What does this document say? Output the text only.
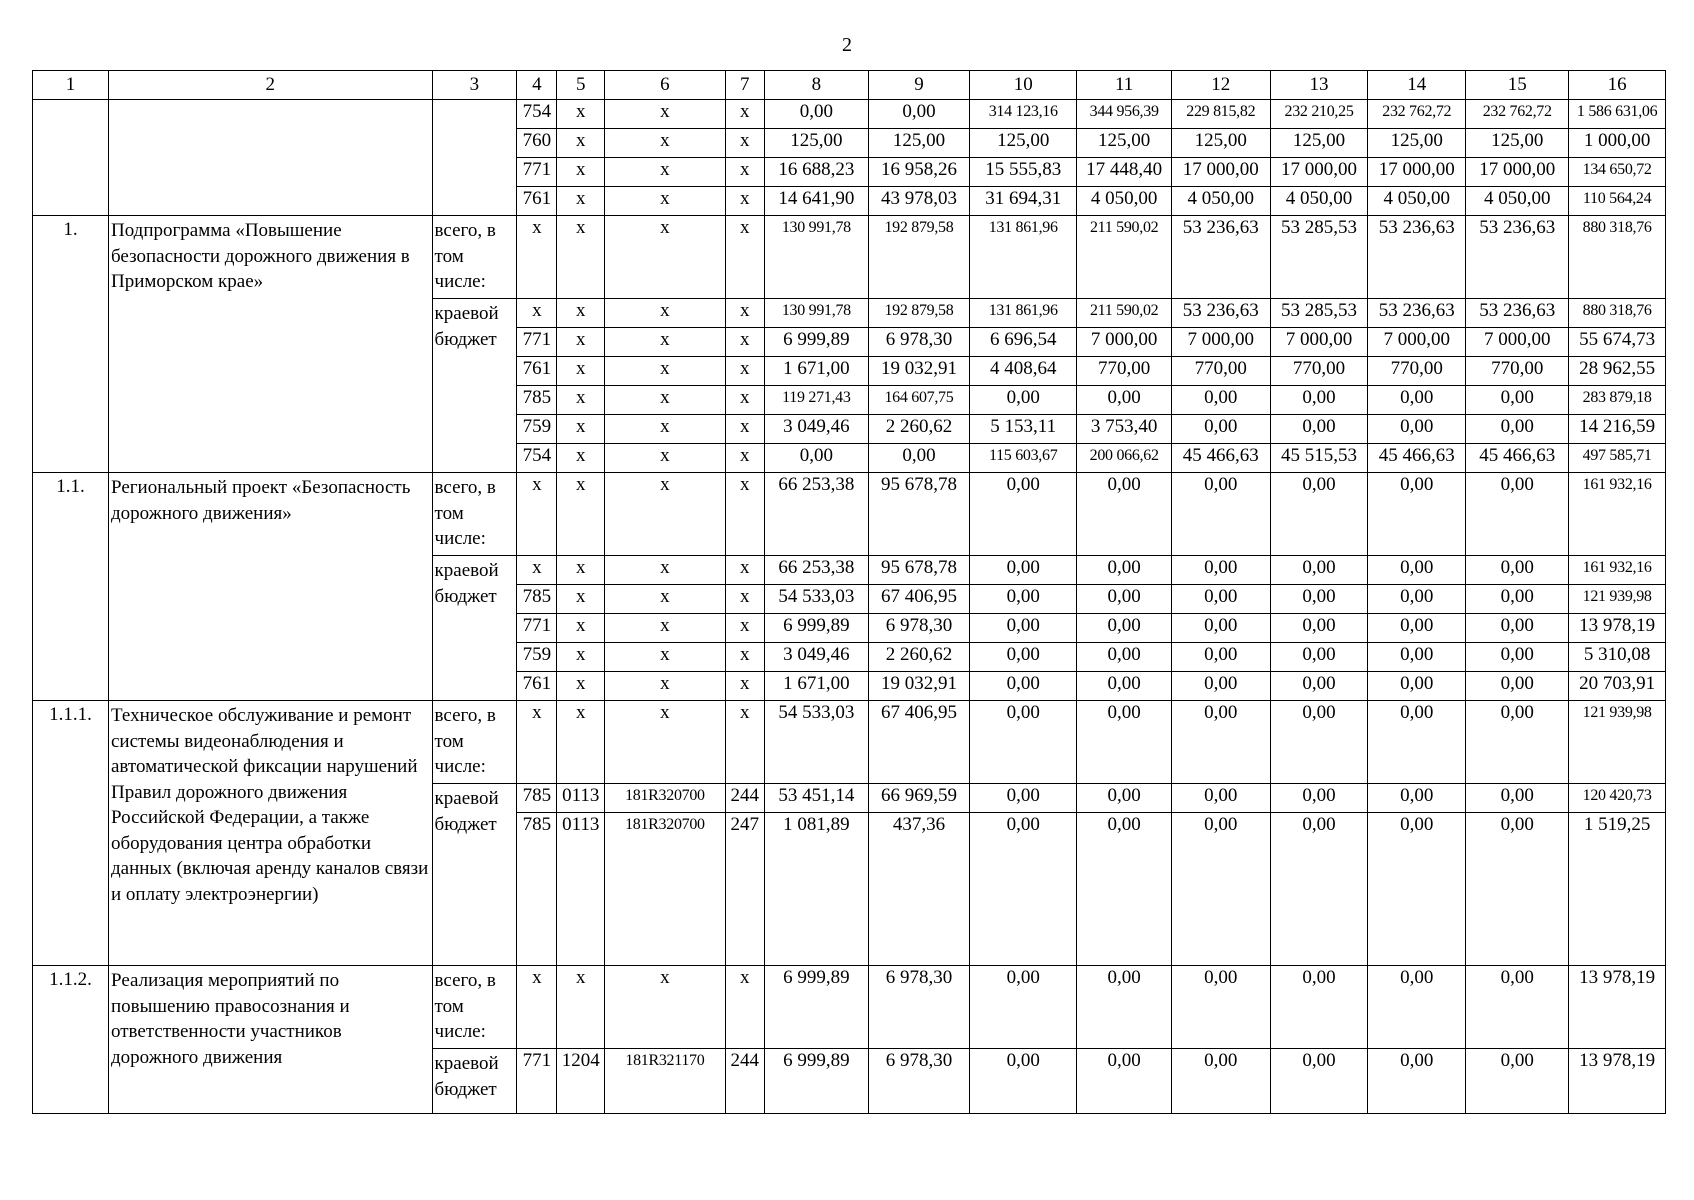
2
1	2	3	4	5	6	7	8	9	10	11	12	13	14	15	16
			754	x	x	x	0,00	0,00	314 123,16	344 956,39	229 815,82	232 210,25	232 762,72	232 762,72	1 586 631,06
			760	x	x	x	125,00	125,00	125,00	125,00	125,00	125,00	125,00	125,00	1 000,00
			771	x	x	x	16 688,23	16 958,26	15 555,83	17 448,40	17 000,00	17 000,00	17 000,00	17 000,00	134 650,72
			761	x	x	x	14 641,90	43 978,03	31 694,31	4 050,00	4 050,00	4 050,00	4 050,00	4 050,00	110 564,24
1.	Подпрограмма «Повышение безопасности дорожного движения в Приморском крае»	всего, в том числе:	x	x	x	x	130 991,78	192 879,58	131 861,96	211 590,02	53 236,63	53 285,53	53 236,63	53 236,63	880 318,76
		краевой бюджет	x	x	x	x	130 991,78	192 879,58	131 861,96	211 590,02	53 236,63	53 285,53	53 236,63	53 236,63	880 318,76
			771	x	x	x	6 999,89	6 978,30	6 696,54	7 000,00	7 000,00	7 000,00	7 000,00	7 000,00	55 674,73
			761	x	x	x	1 671,00	19 032,91	4 408,64	770,00	770,00	770,00	770,00	770,00	28 962,55
			785	x	x	x	119 271,43	164 607,75	0,00	0,00	0,00	0,00	0,00	0,00	283 879,18
			759	x	x	x	3 049,46	2 260,62	5 153,11	3 753,40	0,00	0,00	0,00	0,00	14 216,59
			754	x	x	x	0,00	0,00	115 603,67	200 066,62	45 466,63	45 515,53	45 466,63	45 466,63	497 585,71
1.1.	Региональный проект «Безопасность дорожного движения»	всего, в том числе:	x	x	x	x	66 253,38	95 678,78	0,00	0,00	0,00	0,00	0,00	0,00	161 932,16
		краевой бюджет	x	x	x	x	66 253,38	95 678,78	0,00	0,00	0,00	0,00	0,00	0,00	161 932,16
			785	x	x	x	54 533,03	67 406,95	0,00	0,00	0,00	0,00	0,00	0,00	121 939,98
			771	x	x	x	6 999,89	6 978,30	0,00	0,00	0,00	0,00	0,00	0,00	13 978,19
			759	x	x	x	3 049,46	2 260,62	0,00	0,00	0,00	0,00	0,00	0,00	5 310,08
			761	x	x	x	1 671,00	19 032,91	0,00	0,00	0,00	0,00	0,00	0,00	20 703,91
1.1.1.	Техническое обслуживание и ремонт системы видеонаблюдения и автоматической фиксации нарушений Правил дорожного движения Российской Федерации, а также оборудования центра обработки данных (включая аренду каналов связи и оплату электроэнергии)	всего, в том числе:	x	x	x	x	54 533,03	67 406,95	0,00	0,00	0,00	0,00	0,00	0,00	121 939,98
		краевой бюджет	785	0113	181R320700	244	53 451,14	66 969,59	0,00	0,00	0,00	0,00	0,00	0,00	120 420,73
			785	0113	181R320700	247	1 081,89	437,36	0,00	0,00	0,00	0,00	0,00	0,00	1 519,25
1.1.2.	Реализация мероприятий по повышению правосознания и ответственности участников дорожного движения	всего, в том числе:	x	x	x	x	6 999,89	6 978,30	0,00	0,00	0,00	0,00	0,00	0,00	13 978,19
		краевой бюджет	771	1204	181R321170	244	6 999,89	6 978,30	0,00	0,00	0,00	0,00	0,00	0,00	13 978,19
